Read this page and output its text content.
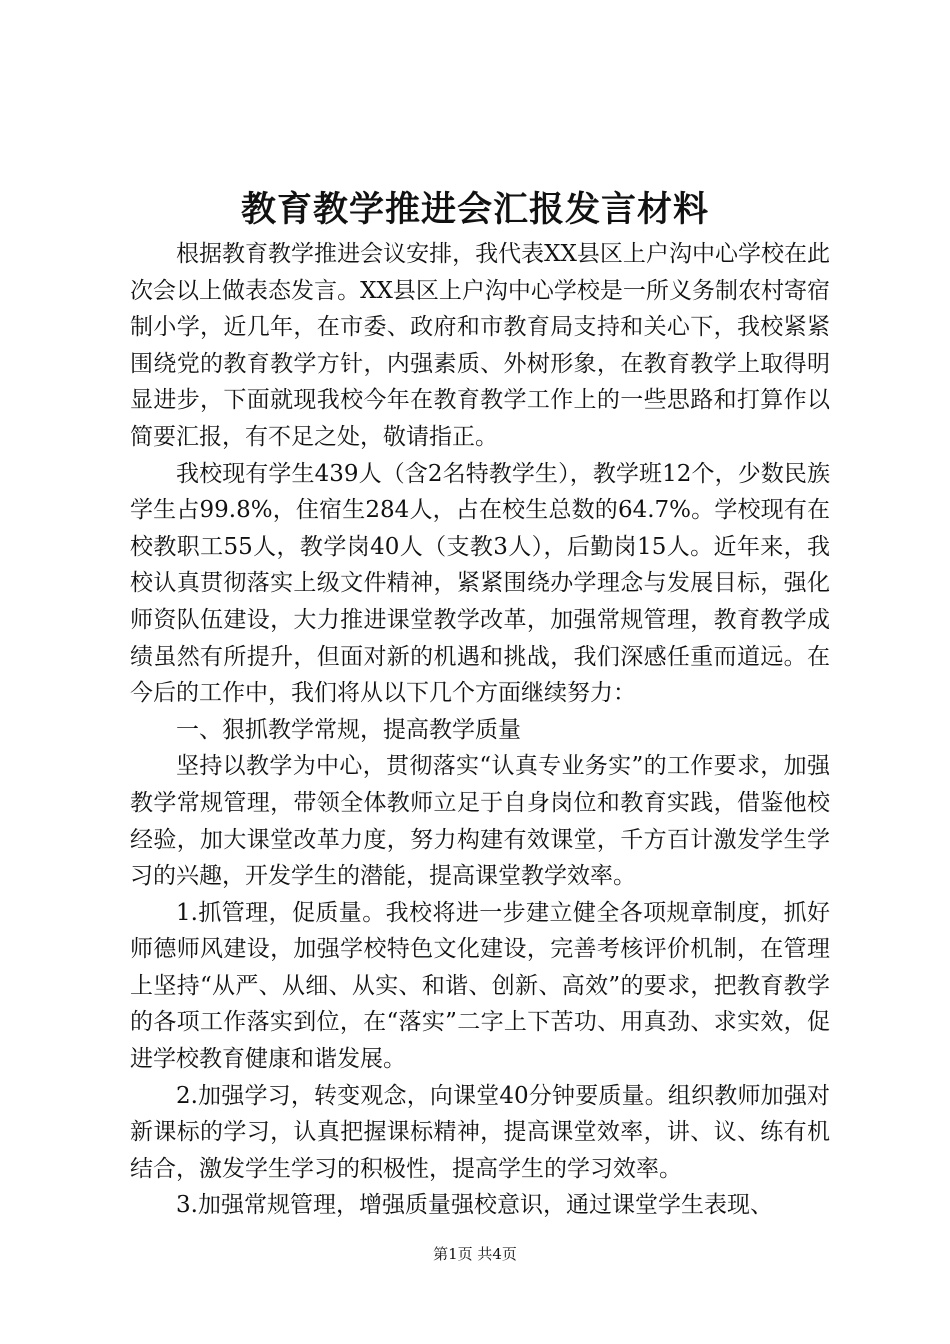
教育教学推进会汇报发言材料

根据教育教学推进会议安排，我代表XX县区上户沟中心学校在此次会以上做表态发言。XX县区上户沟中心学校是一所义务制农村寄宿制小学，近几年，在市委、政府和市教育局支持和关心下，我校紧紧围绕党的教育教学方针，内强素质、外树形象，在教育教学上取得明显进步，下面就现我校今年在教育教学工作上的一些思路和打算作以简要汇报，有不足之处，敬请指正。

我校现有学生439人（含2名特教学生），教学班12个，少数民族学生占99.8%，住宿生284人，占在校生总数的64.7%。学校现有在校教职工55人，教学岗40人（支教3人），后勤岗15人。近年来，我校认真贯彻落实上级文件精神，紧紧围绕办学理念与发展目标，强化师资队伍建设，大力推进课堂教学改革，加强常规管理，教育教学成绩虽然有所提升，但面对新的机遇和挑战，我们深感任重而道远。在今后的工作中，我们将从以下几个方面继续努力：

一、狠抓教学常规，提高教学质量

坚持以教学为中心，贯彻落实“认真专业务实”的工作要求，加强教学常规管理，带领全体教师立足于自身岗位和教育实践，借鉴他校经验，加大课堂改革力度，努力构建有效课堂，千方百计激发学生学习的兴趣，开发学生的潜能，提高课堂教学效率。

1.抓管理，促质量。我校将进一步建立健全各项规章制度，抓好师德师风建设，加强学校特色文化建设，完善考核评价机制，在管理上坚持“从严、从细、从实、和谐、创新、高效”的要求，把教育教学的各项工作落实到位，在“落实”二字上下苦功、用真劲、求实效，促进学校教育健康和谐发展。

2.加强学习，转变观念，向课堂40分钟要质量。组织教师加强对新课标的学习，认真把握课标精神，提高课堂效率，讲、议、练有机结合，激发学生学习的积极性，提高学生的学习效率。

3.加强常规管理，增强质量强校意识，通过课堂学生表现、

第1页 共4页
